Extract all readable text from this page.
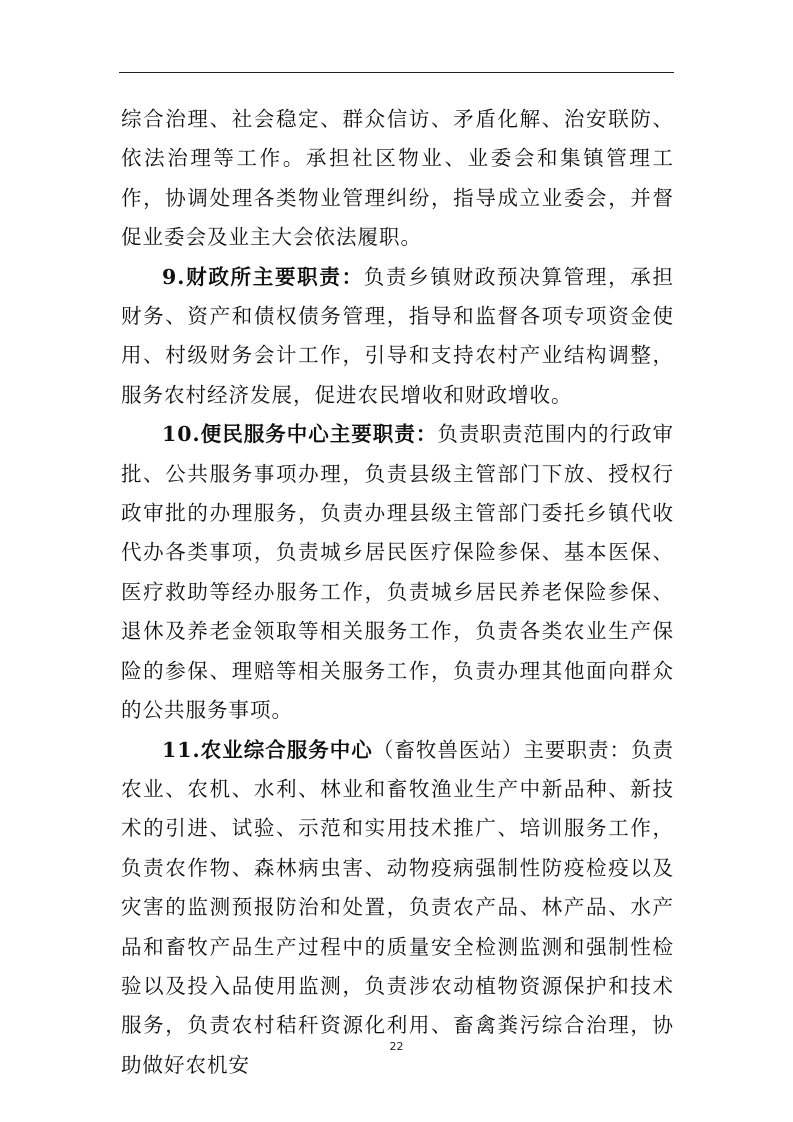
综合治理、社会稳定、群众信访、矛盾化解、治安联防、依法治理等工作。承担社区物业、业委会和集镇管理工作，协调处理各类物业管理纠纷，指导成立业委会，并督促业委会及业主大会依法履职。

9.财政所主要职责：负责乡镇财政预决算管理，承担财务、资产和债权债务管理，指导和监督各项专项资金使用、村级财务会计工作，引导和支持农村产业结构调整，服务农村经济发展，促进农民增收和财政增收。

10.便民服务中心主要职责：负责职责范围内的行政审批、公共服务事项办理，负责县级主管部门下放、授权行政审批的办理服务，负责办理县级主管部门委托乡镇代收代办各类事项，负责城乡居民医疗保险参保、基本医保、医疗救助等经办服务工作，负责城乡居民养老保险参保、退休及养老金领取等相关服务工作，负责各类农业生产保险的参保、理赔等相关服务工作，负责办理其他面向群众的公共服务事项。

11.农业综合服务中心（畜牧兽医站）主要职责：负责农业、农机、水利、林业和畜牧渔业生产中新品种、新技术的引进、试验、示范和实用技术推广、培训服务工作，负责农作物、森林病虫害、动物疫病强制性防疫检疫以及灾害的监测预报防治和处置，负责农产品、林产品、水产品和畜牧产品生产过程中的质量安全检测监测和强制性检验以及投入品使用监测，负责涉农动植物资源保护和技术服务，负责农村秸秆资源化利用、畜禽粪污综合治理，协助做好农机安

22
